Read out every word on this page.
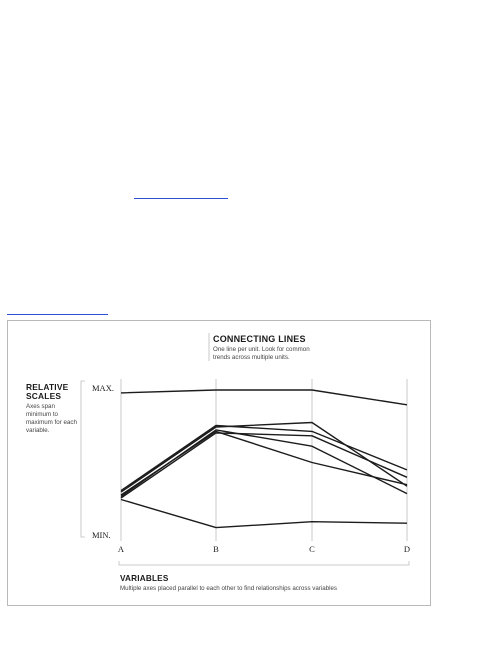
MAX.
MIN.
A	B	C	D
CONNECTING LINES
One line per unit. Look for common trends across multiple units.
RELATIVE
SCALES
Axes span minimum to maximum for each variable.
VARIABLES
Multiple axes placed parallel to each other to find relationships across variables
